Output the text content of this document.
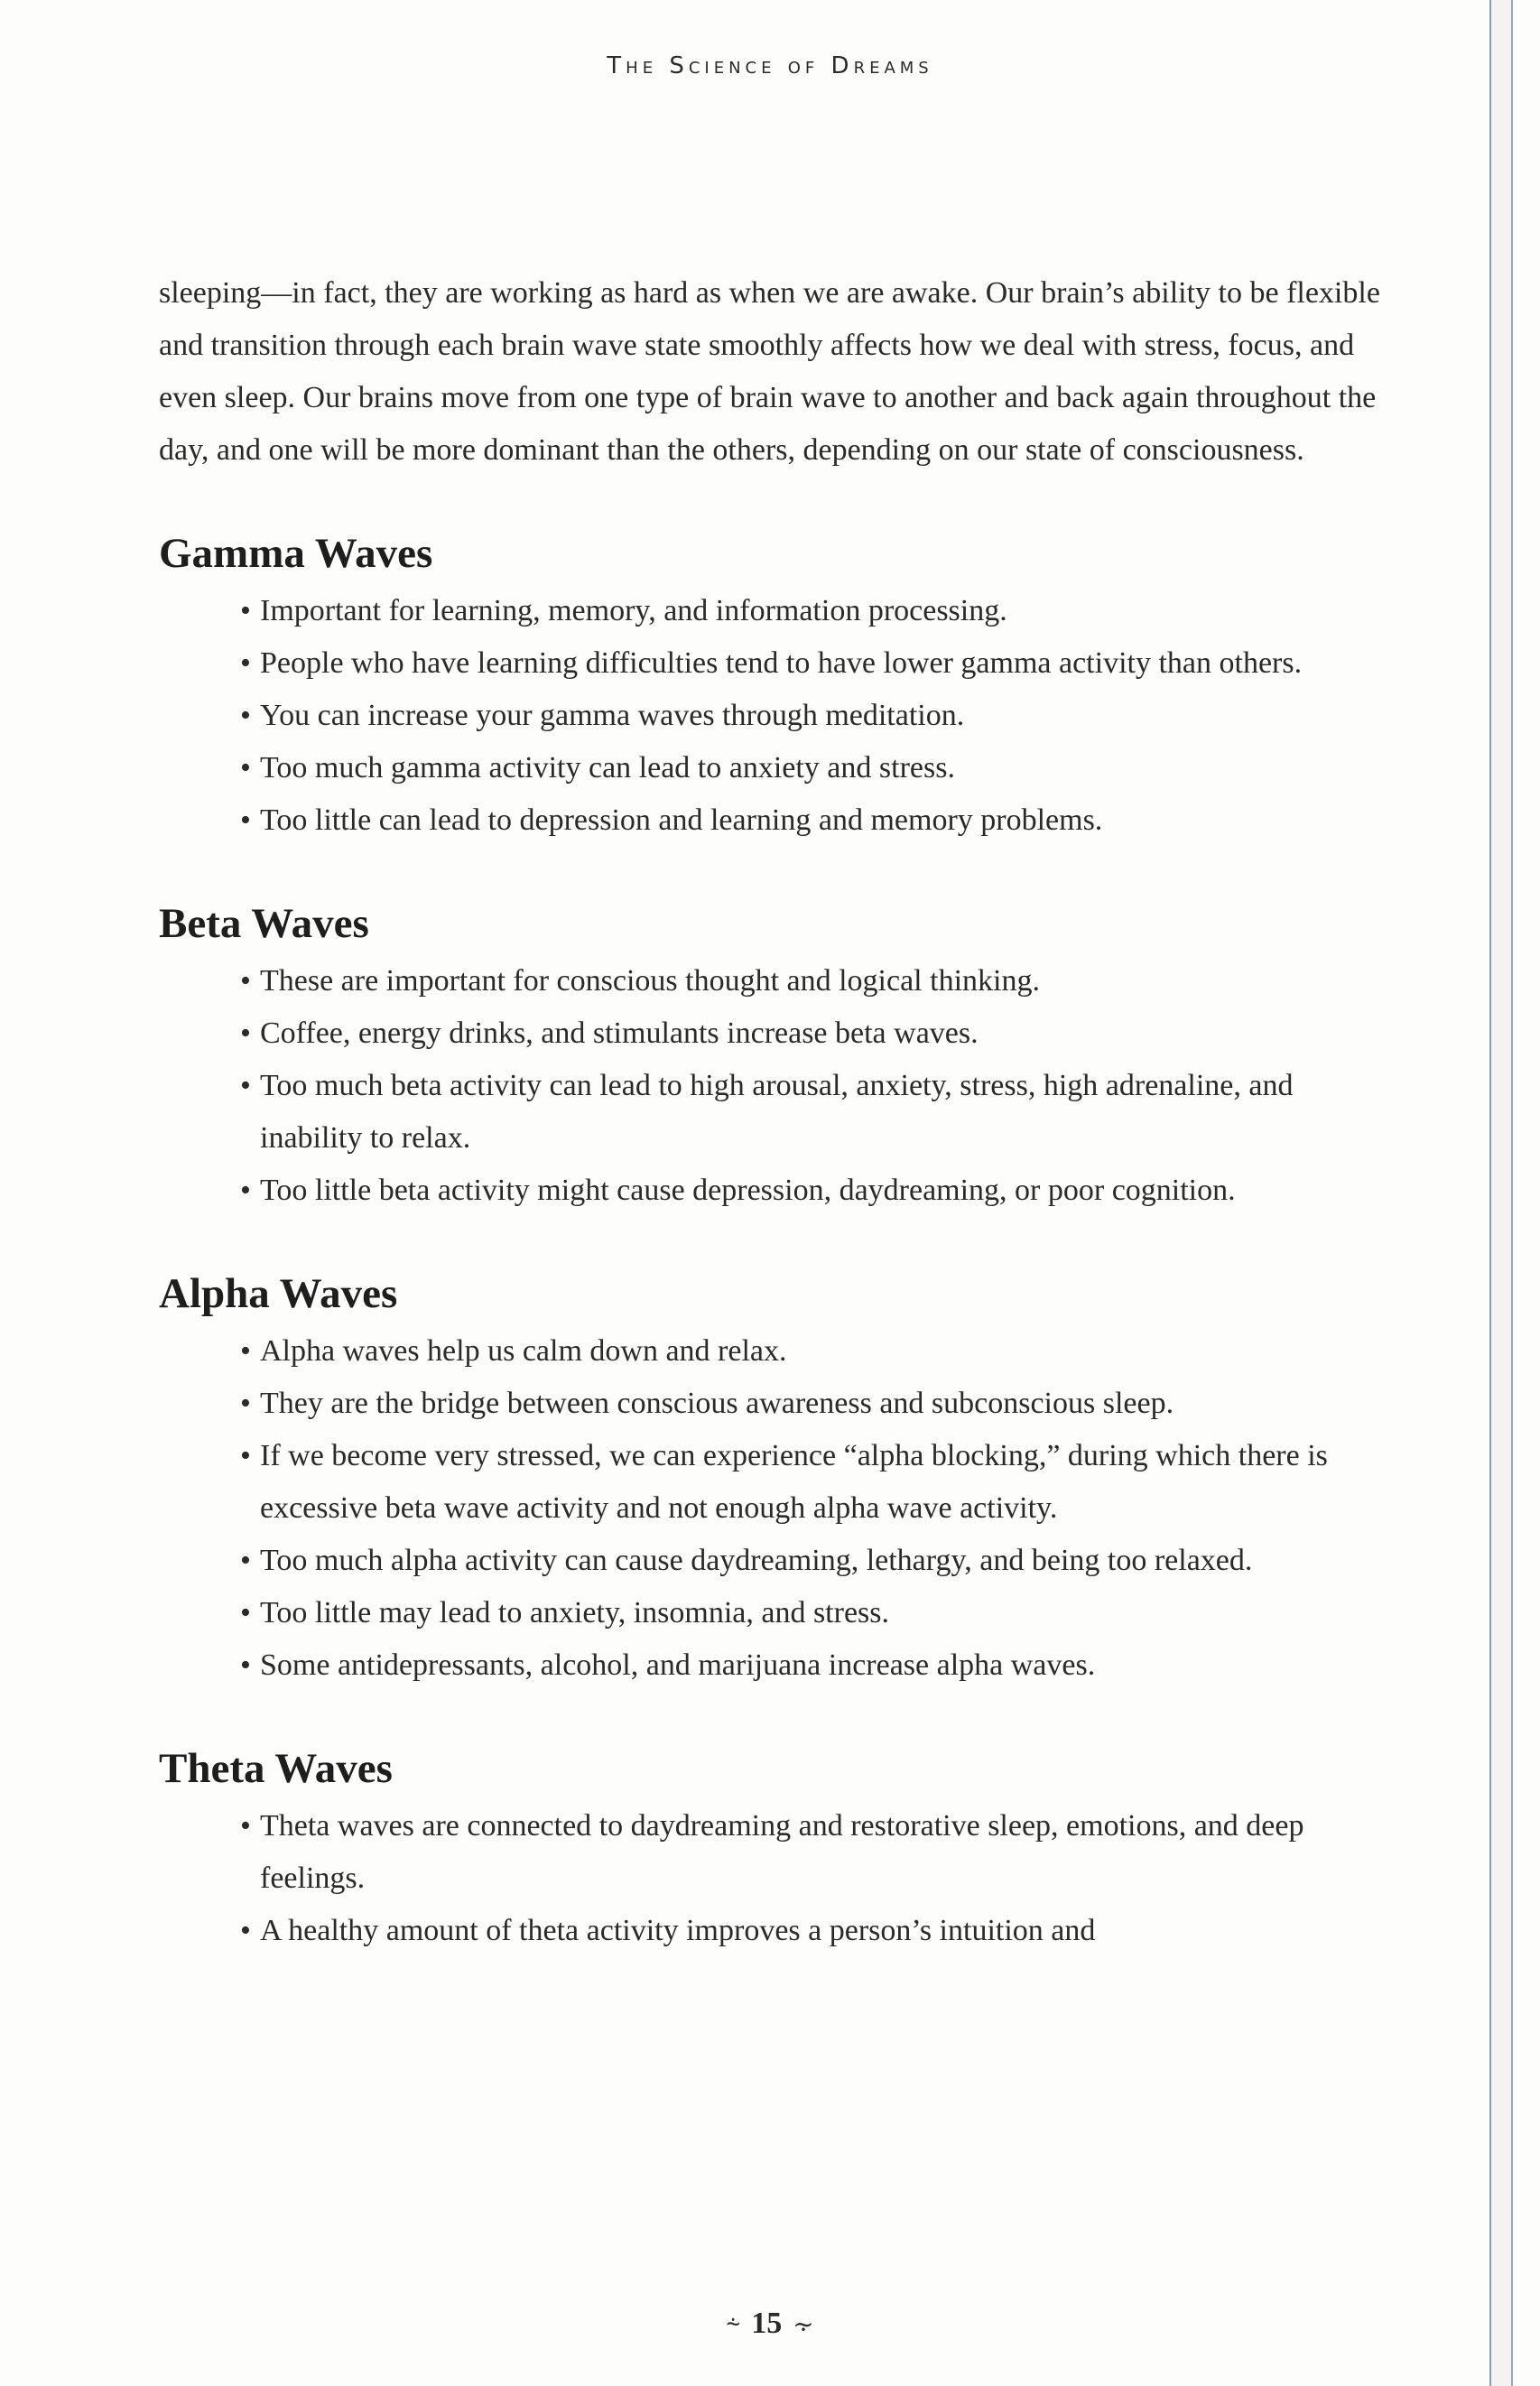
The Science of Dreams

sleeping—in fact, they are working as hard as when we are awake. Our brain’s ability to be flexible and transition through each brain wave state smoothly affects how we deal with stress, focus, and even sleep. Our brains move from one type of brain wave to another and back again throughout the day, and one will be more dominant than the others, depending on our state of consciousness.

Gamma Waves
• Important for learning, memory, and information processing.
• People who have learning difficulties tend to have lower gamma activity than others.
• You can increase your gamma waves through meditation.
• Too much gamma activity can lead to anxiety and stress.
• Too little can lead to depression and learning and memory problems.
Beta Waves
• These are important for conscious thought and logical thinking.
• Coffee, energy drinks, and stimulants increase beta waves.
• Too much beta activity can lead to high arousal, anxiety, stress, high adrenaline, and inability to relax.
• Too little beta activity might cause depression, daydreaming, or poor cognition.
Alpha Waves
• Alpha waves help us calm down and relax.
• They are the bridge between conscious awareness and subconscious sleep.
• If we become very stressed, we can experience “alpha blocking,” during which there is excessive beta wave activity and not enough alpha wave activity.
• Too much alpha activity can cause daydreaming, lethargy, and being too relaxed.
• Too little may lead to anxiety, insomnia, and stress.
• Some antidepressants, alcohol, and marijuana increase alpha waves.
Theta Waves
• Theta waves are connected to daydreaming and restorative sleep, emotions, and deep feelings.
• A healthy amount of theta activity improves a person’s intuition and
⸞ 15 ⸟
